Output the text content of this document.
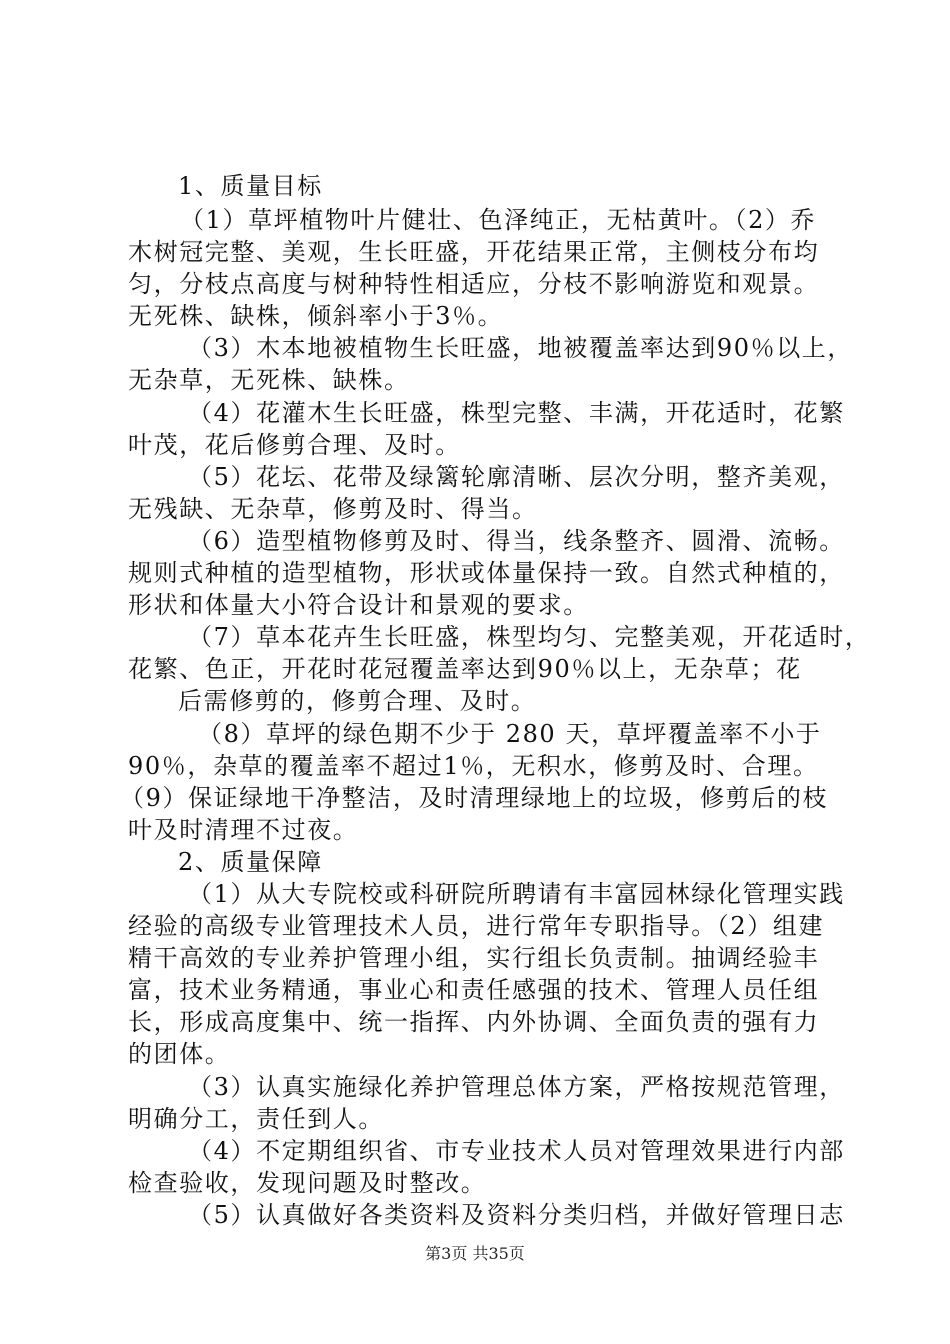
1、质量目标
（1）草坪植物叶片健壮、色泽纯正，无枯黄叶。（2）乔
木树冠完整、美观，生长旺盛，开花结果正常，主侧枝分布均
匀，分枝点高度与树种特性相适应，分枝不影响游览和观景。
无死株、缺株，倾斜率小于3％。
（3）木本地被植物生长旺盛，地被覆盖率达到90％以上，
无杂草，无死株、缺株。
（4）花灌木生长旺盛，株型完整、丰满，开花适时，花繁
叶茂，花后修剪合理、及时。
（5）花坛、花带及绿篱轮廓清晰、层次分明，整齐美观，
无残缺、无杂草，修剪及时、得当。
（6）造型植物修剪及时、得当，线条整齐、圆滑、流畅。
规则式种植的造型植物，形状或体量保持一致。自然式种植的，
形状和体量大小符合设计和景观的要求。
（7）草本花卉生长旺盛，株型均匀、完整美观，开花适时，
花繁、色正，开花时花冠覆盖率达到90％以上，无杂草；花
后需修剪的，修剪合理、及时。
（8）草坪的绿色期不少于 280 天，草坪覆盖率不小于
90％，杂草的覆盖率不超过1％，无积水，修剪及时、合理。
（9）保证绿地干净整洁，及时清理绿地上的垃圾，修剪后的枝
叶及时清理不过夜。
2、质量保障
（1）从大专院校或科研院所聘请有丰富园林绿化管理实践
经验的高级专业管理技术人员，进行常年专职指导。（2）组建
精干高效的专业养护管理小组，实行组长负责制。抽调经验丰
富，技术业务精通，事业心和责任感强的技术、管理人员任组
长，形成高度集中、统一指挥、内外协调、全面负责的强有力
的团体。
（3）认真实施绿化养护管理总体方案，严格按规范管理，
明确分工，责任到人。
（4）不定期组织省、市专业技术人员对管理效果进行内部
检查验收，发现问题及时整改。
（5）认真做好各类资料及资料分类归档，并做好管理日志
第3页 共35页
